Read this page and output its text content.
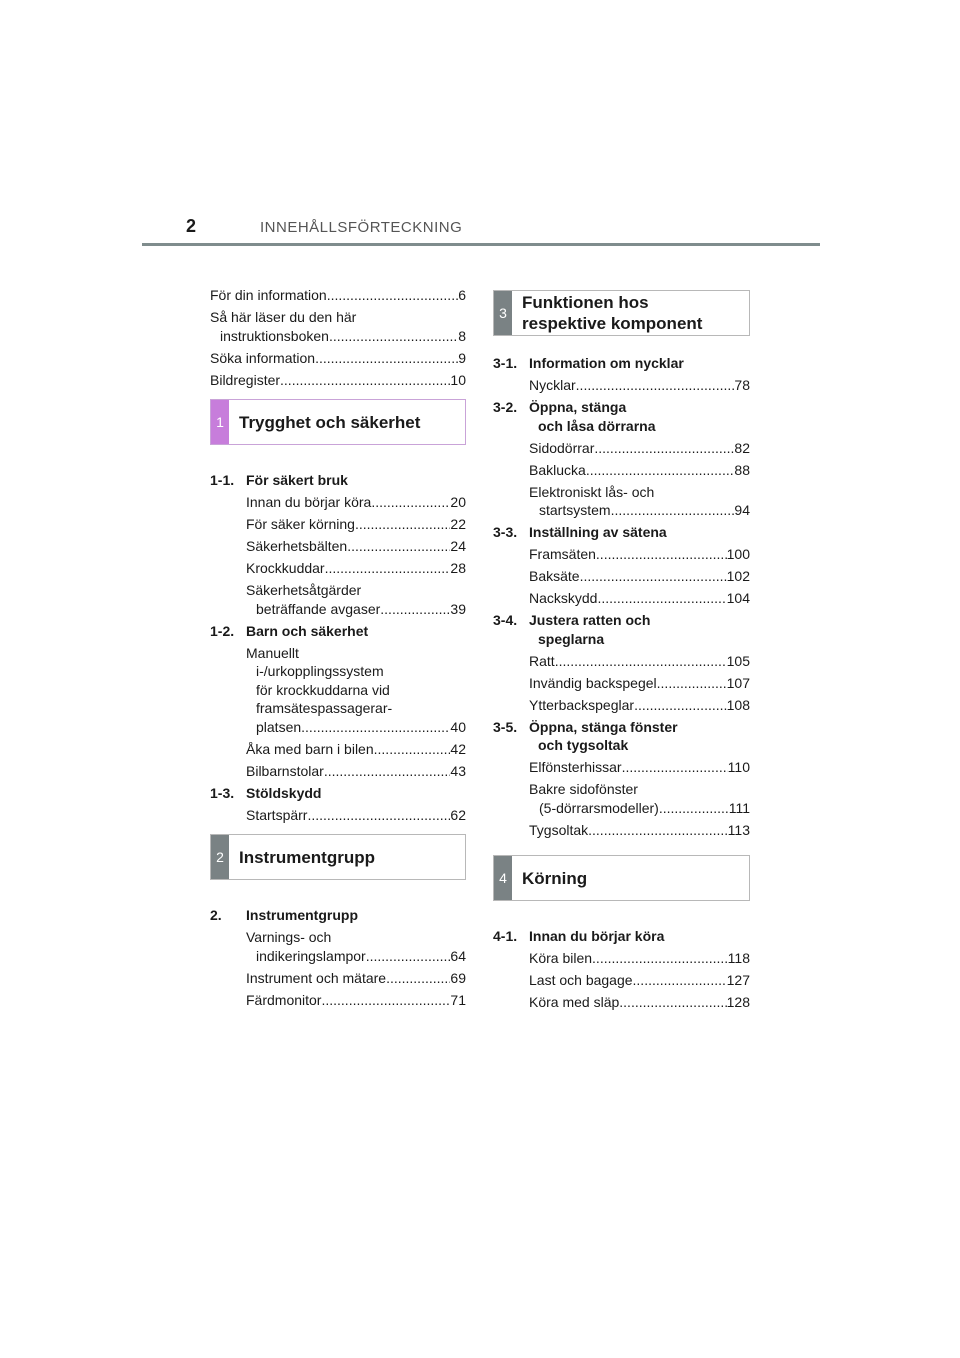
2	INNEHÅLLSFÖRTECKNING
För din information .....	6
Så här läser du den här
instruktionsboken .....	8
Söka information .....	9
Bildregister .....	10
1 Trygghet och säkerhet
1-1. För säkert bruk
Innan du börjar köra .....	20
För säker körning .....	22
Säkerhetsbälten .....	24
Krockkuddar .....	28
Säkerhetsåtgärder
beträffande avgaser .....	39
1-2. Barn och säkerhet
Manuellt
i-/urkopplingssystem
för krockkuddarna vid
framsätespassagerar-
platsen .....	40
Åka med barn i bilen .....	42
Bilbarnstolar .....	43
1-3. Stöldskydd
Startspärr .....	62
2 Instrumentgrupp
2.	Instrumentgrupp
Varnings- och
indikeringslampor .....	64
Instrument och mätare .....	69
Färdmonitor .....	71
3
Funktionen hos
respektive komponent
3-1. Information om nycklar
Nycklar .....	78
3-2. Öppna, stänga
och låsa dörrarna
Sidodörrar .....	82
Baklucka .....	88
Elektroniskt lås- och
startsystem .....	94
3-3. Inställning av sätena
Framsäten .....	100
Baksäte .....	102
Nackskydd .....	104
3-4. Justera ratten och
speglarna
Ratt .....	105
Invändig backspegel .....	107
Ytterbackspeglar .....	108
3-5. Öppna, stänga fönster
och tygsoltak
Elfönsterhissar .....	110
Bakre sidofönster
(5-dörrarsmodeller) .....	111
Tygsoltak .....	113
4 Körning
4-1. Innan du börjar köra
Köra bilen .....	118
Last och bagage .....	127
Köra med släp .....	128
